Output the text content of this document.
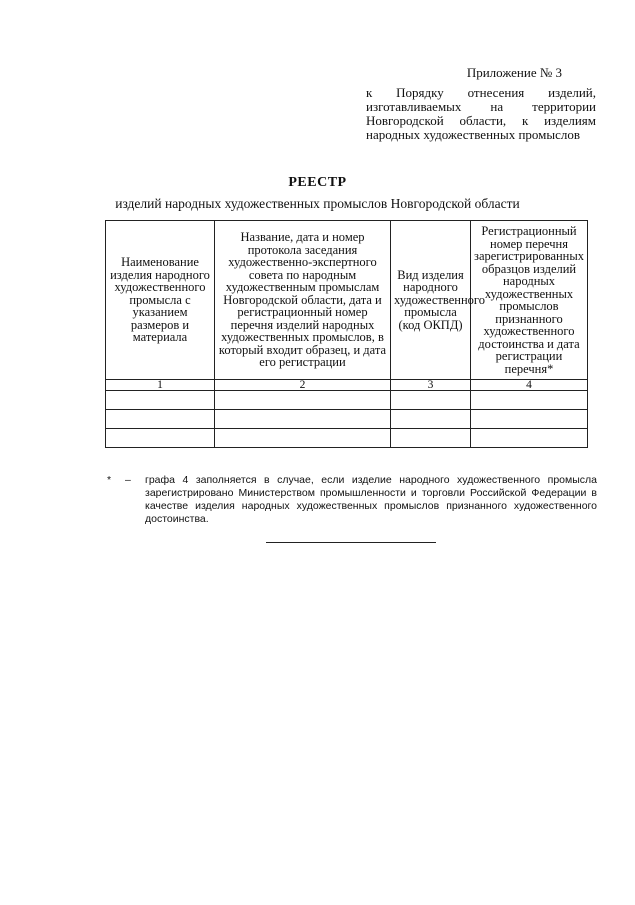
Приложение № 3
к Порядку отнесения изделий, изготавливаемых на территории Новгородской области, к изделиям народных художественных промыслов
РЕЕСТР
изделий народных художественных промыслов Новгородской области
Наименование изделия народного художественного промысла с указанием размеров и материала	Название, дата и номер протокола заседания художественно-экспертного совета по народным художественным промыслам Новгородской области, дата и регистрационный номер перечня изделий народных художественных промыслов, в который входит образец, и дата его регистрации	Вид изделия народного художественного промысла (код ОКПД)	Регистрационный номер перечня зарегистрированных образцов изделий народных художественных промыслов признанного художественного достоинства и дата регистрации перечня*
1	2	3	4

* – графа 4 заполняется в случае, если изделие народного художественного промысла зарегистрировано Министерством промышленности и торговли Российской Федерации в качестве изделия народных художественных промыслов признанного художественного достоинства.
